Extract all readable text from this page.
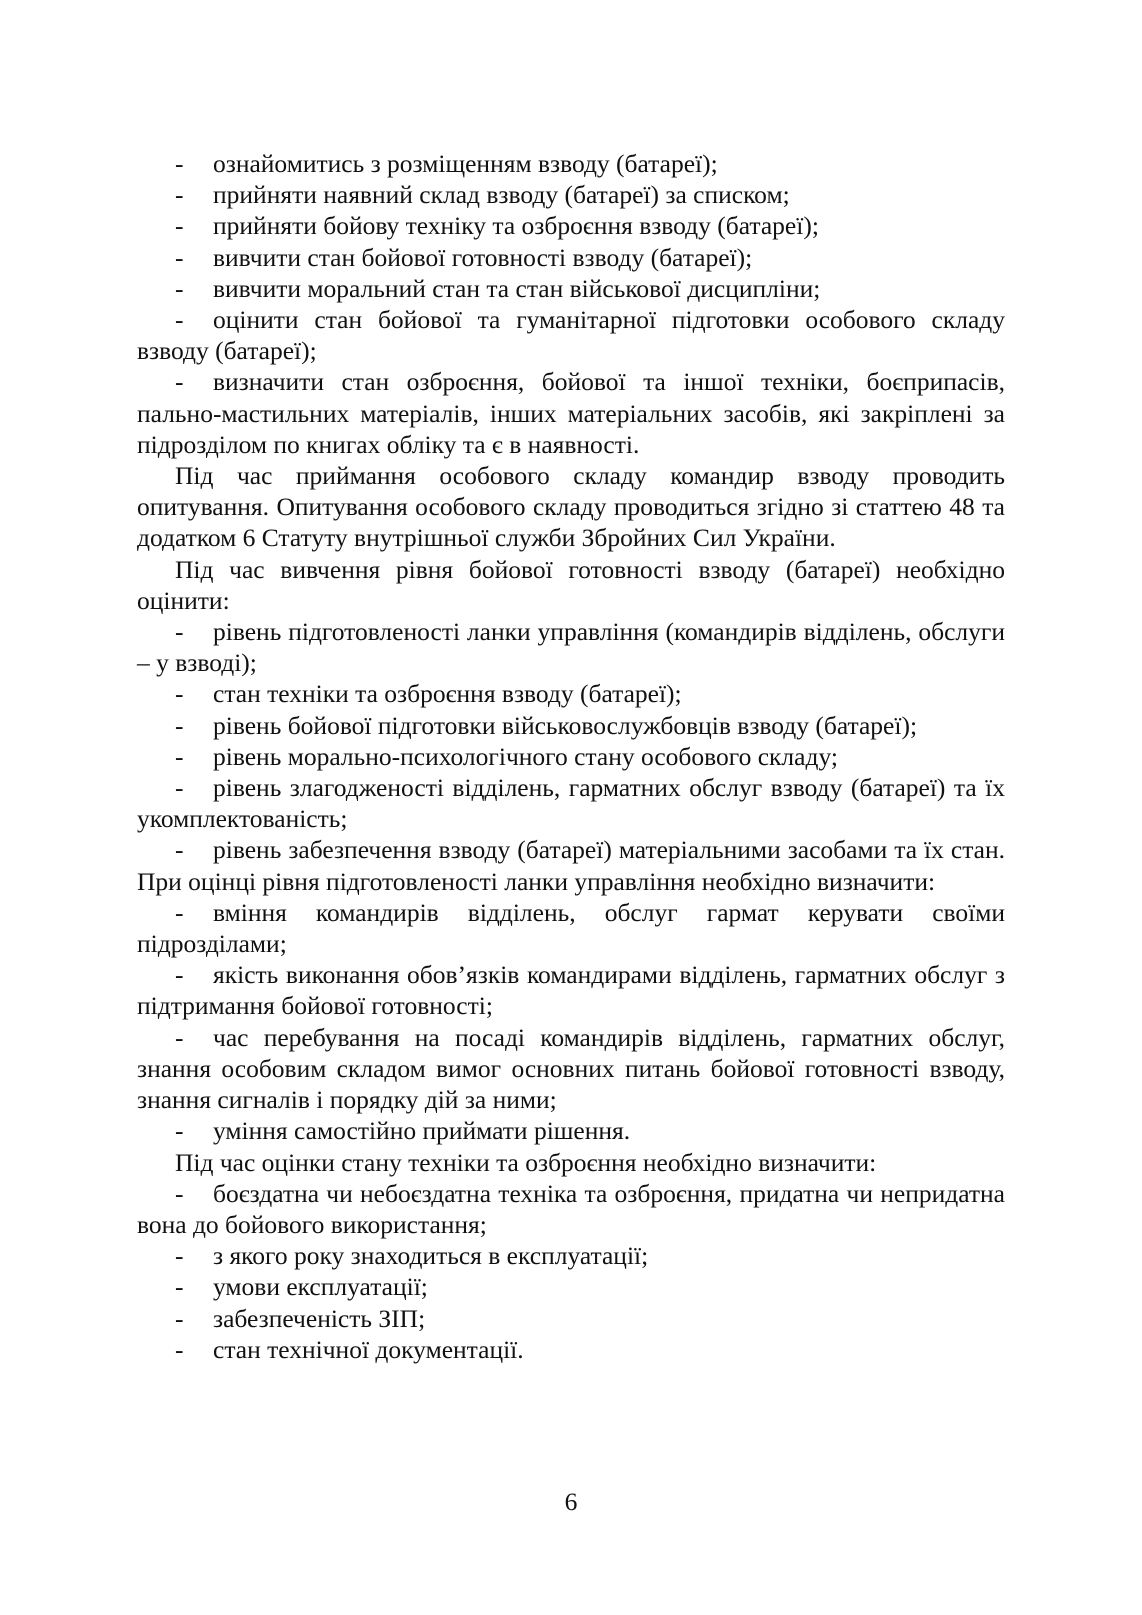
- ознайомитись з розміщенням взводу (батареї);

- прийняти наявний склад взводу (батареї) за списком;

- прийняти бойову техніку та озброєння взводу (батареї);

- вивчити стан бойової готовності взводу (батареї);

- вивчити моральний стан та стан військової дисципліни;

- оцінити стан бойової та гуманітарної підготовки особового складу взводу (батареї);

- визначити стан озброєння, бойової та іншої техніки, боєприпасів, пально-мастильних матеріалів, інших матеріальних засобів, які закріплені за підрозділом по книгах обліку та є в наявності.

Під час приймання особового складу командир взводу проводить опитування. Опитування особового складу проводиться згідно зі статтею 48 та додатком 6 Статуту внутрішньої служби Збройних Сил України.

Під час вивчення рівня бойової готовності взводу (батареї) необхідно оцінити:

- рівень підготовленості ланки управління (командирів відділень, обслуги – у взводі);

- стан техніки та озброєння взводу (батареї);

- рівень бойової підготовки військовослужбовців взводу (батареї);

- рівень морально-психологічного стану особового складу;

- рівень злагодженості відділень, гарматних обслуг взводу (батареї) та їх укомплектованість;

- рівень забезпечення взводу (батареї) матеріальними засобами та їх стан. При оцінці рівня підготовленості ланки управління необхідно визначити:

- вміння командирів відділень, обслуг гармат керувати своїми підрозділами;

- якість виконання обов’язків командирами відділень, гарматних обслуг з підтримання бойової готовності;

- час перебування на посаді командирів відділень, гарматних обслуг, знання особовим складом вимог основних питань бойової готовності взводу, знання сигналів і порядку дій за ними;

- уміння самостійно приймати рішення.

Під час оцінки стану техніки та озброєння необхідно визначити:

- боєздатна чи небоєздатна техніка та озброєння, придатна чи непридатна вона до бойового використання;

- з якого року знаходиться в експлуатації;

- умови експлуатації;

- забезпеченість ЗІП;

- стан технічної документації.

6
